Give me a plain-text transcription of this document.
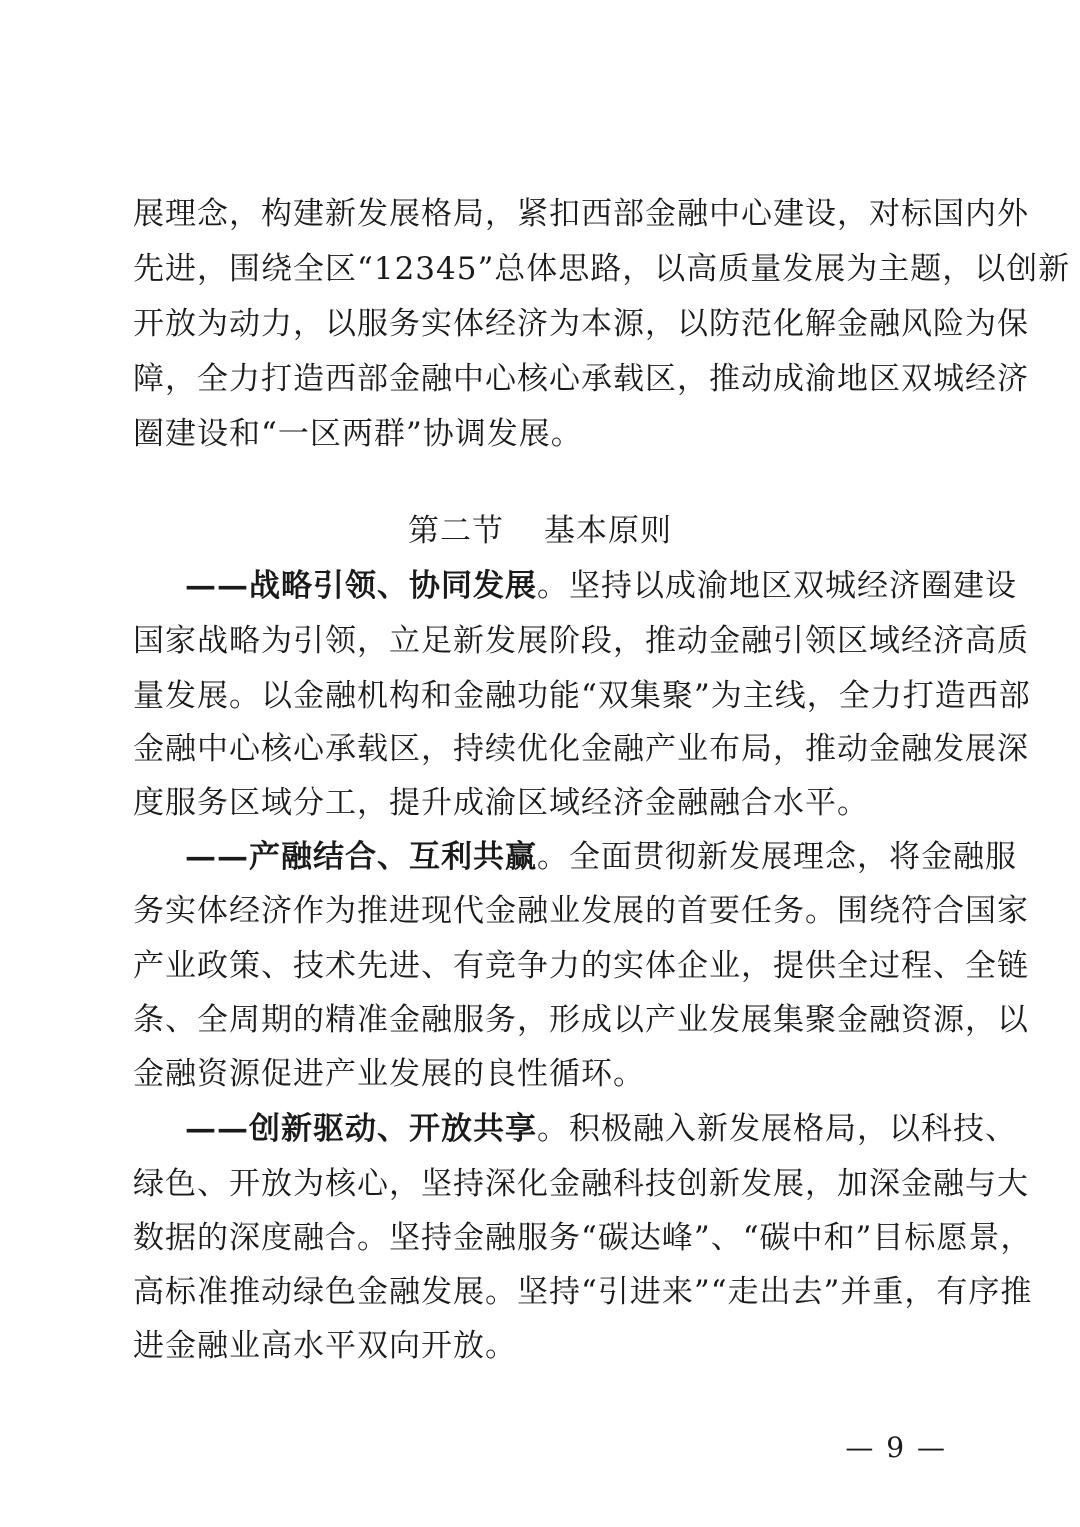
展理念，构建新发展格局，紧扣西部金融中心建设，对标国内外
先进，围绕全区“12345”总体思路，以高质量发展为主题，以创新
开放为动力，以服务实体经济为本源，以防范化解金融风险为保
障，全力打造西部金融中心核心承载区，推动成渝地区双城经济
圈建设和“一区两群”协调发展。
第二节 基本原则
——战略引领、协同发展。坚持以成渝地区双城经济圈建设
国家战略为引领，立足新发展阶段，推动金融引领区域经济高质
量发展。以金融机构和金融功能“双集聚”为主线，全力打造西部
金融中心核心承载区，持续优化金融产业布局，推动金融发展深
度服务区域分工，提升成渝区域经济金融融合水平。
——产融结合、互利共赢。全面贯彻新发展理念，将金融服
务实体经济作为推进现代金融业发展的首要任务。围绕符合国家
产业政策、技术先进、有竞争力的实体企业，提供全过程、全链
条、全周期的精准金融服务，形成以产业发展集聚金融资源，以
金融资源促进产业发展的良性循环。
——创新驱动、开放共享。积极融入新发展格局，以科技、
绿色、开放为核心，坚持深化金融科技创新发展，加深金融与大
数据的深度融合。坚持金融服务“碳达峰”、“碳中和”目标愿景，
高标准推动绿色金融发展。坚持“引进来”“走出去”并重，有序推
进金融业高水平双向开放。
— 9 —
